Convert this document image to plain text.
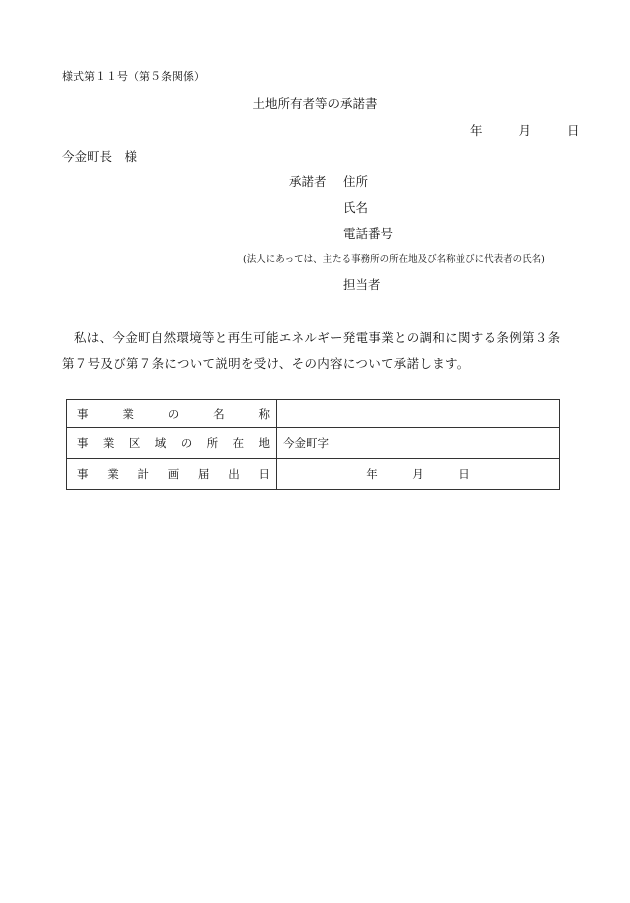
様式第１１号（第５条関係）
土地所有者等の承諾書
年	月	日
今金町長　様
承諾者 住所
氏名
電話番号
(法人にあっては、主たる事務所の所在地及び名称並びに代表者の氏名)
担当者
私は、今金町自然環境等と再生可能エネルギー発電事業との調和に関する条例第３条第７号及び第７条について説明を受け、その内容について承諾します。
事業の名称	
事業区域の所在地	今金町字
事業計画届出日	年　　　月　　　日
